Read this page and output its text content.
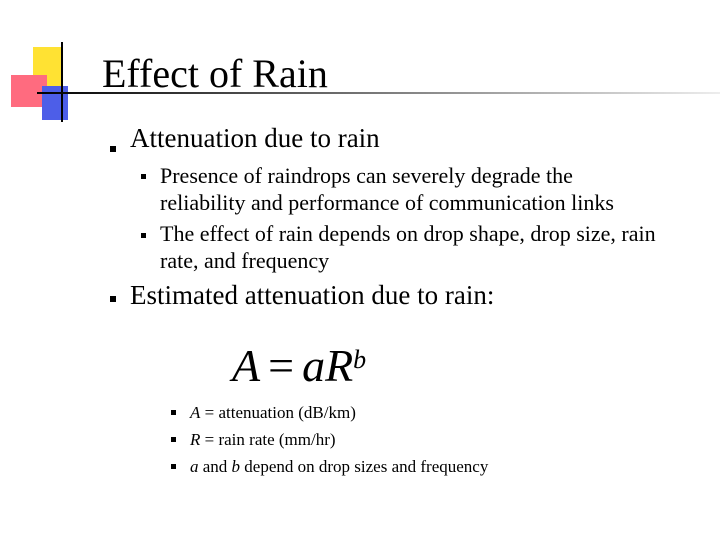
Effect of Rain
Attenuation due to rain
Presence of raindrops can severely degrade the
reliability and performance of communication links
The effect of rain depends on drop shape, drop size, rain
rate, and frequency
Estimated attenuation due to rain:
$A = aR^b$
A = attenuation (dB/km)
R = rain rate (mm/hr)
a and b depend on drop sizes and frequency
